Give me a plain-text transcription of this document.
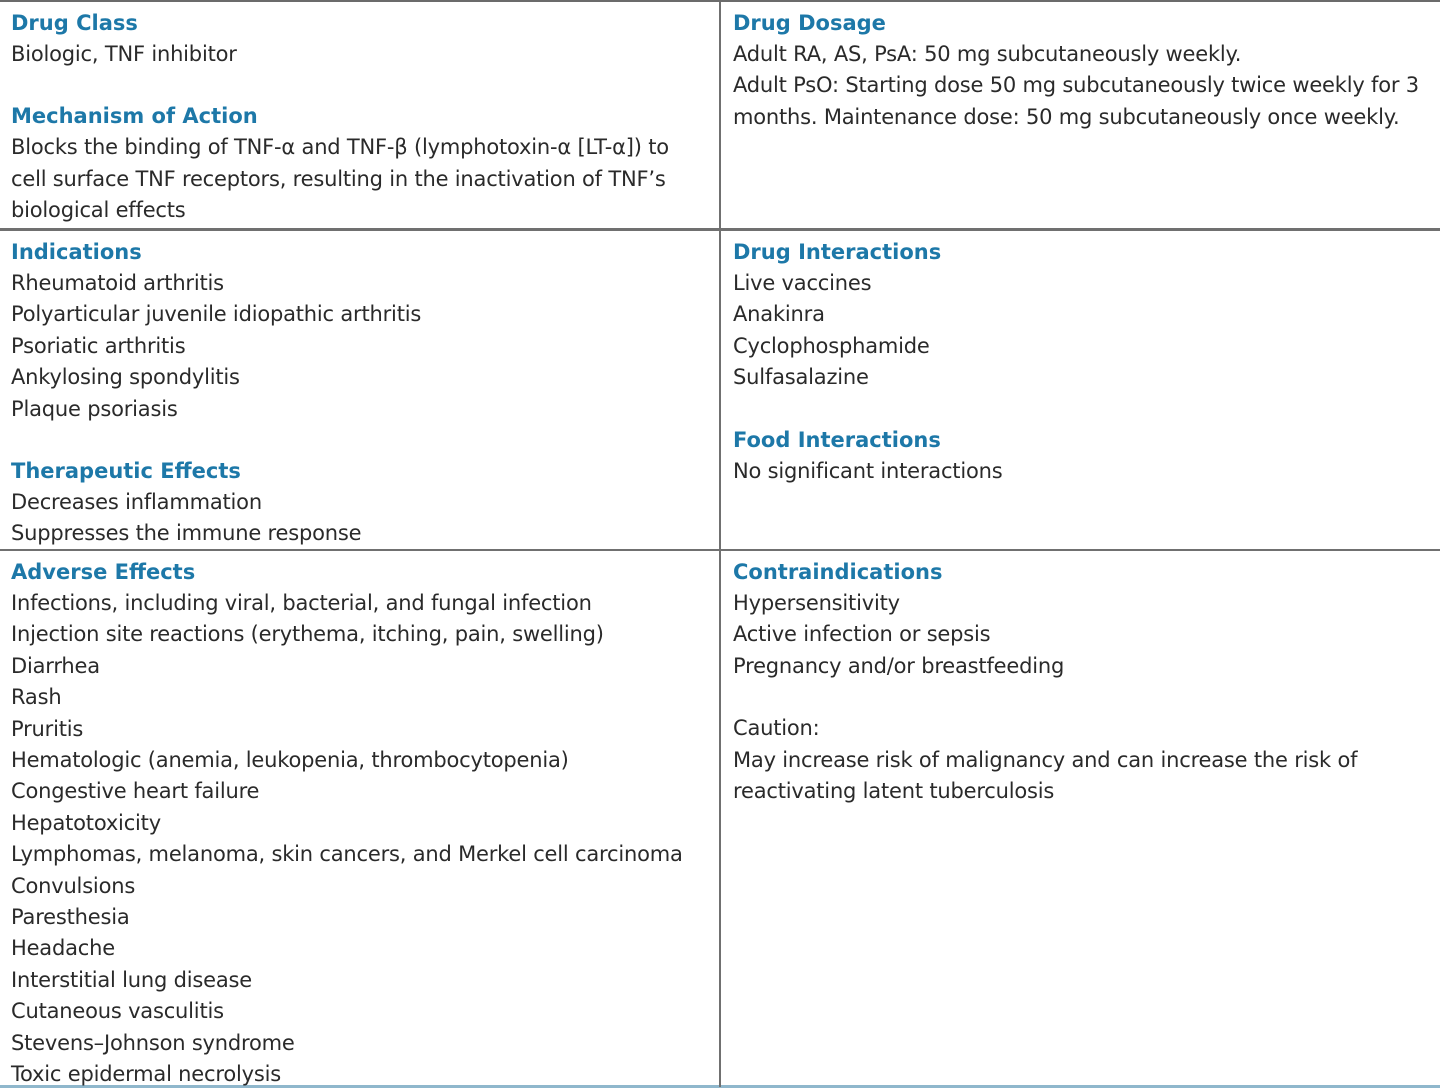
Drug Class
Biologic, TNF inhibitor
Mechanism of Action
Blocks the binding of TNF-α and TNF-β (lymphotoxin-α [LT-α]) to cell surface TNF receptors, resulting in the inactivation of TNF’s biological effects
Drug Dosage
Adult RA, AS, PsA: 50 mg subcutaneously weekly.
Adult PsO: Starting dose 50 mg subcutaneously twice weekly for 3
months. Maintenance dose: 50 mg subcutaneously once weekly.
Indications
Rheumatoid arthritis
Polyarticular juvenile idiopathic arthritis
Psoriatic arthritis
Ankylosing spondylitis
Plaque psoriasis
Therapeutic Effects
Decreases inflammation
Suppresses the immune response
Drug Interactions
Live vaccines
Anakinra
Cyclophosphamide
Sulfasalazine
Food Interactions
No significant interactions
Adverse Effects
Infections, including viral, bacterial, and fungal infection
Injection site reactions (erythema, itching, pain, swelling)
Diarrhea
Rash
Pruritis
Hematologic (anemia, leukopenia, thrombocytopenia)
Congestive heart failure
Hepatotoxicity
Lymphomas, melanoma, skin cancers, and Merkel cell carcinoma
Convulsions
Paresthesia
Headache
Interstitial lung disease
Cutaneous vasculitis
Stevens–Johnson syndrome
Toxic epidermal necrolysis
Contraindications
Hypersensitivity
Active infection or sepsis
Pregnancy and/or breastfeeding
Caution:
May increase risk of malignancy and can increase the risk of
reactivating latent tuberculosis
